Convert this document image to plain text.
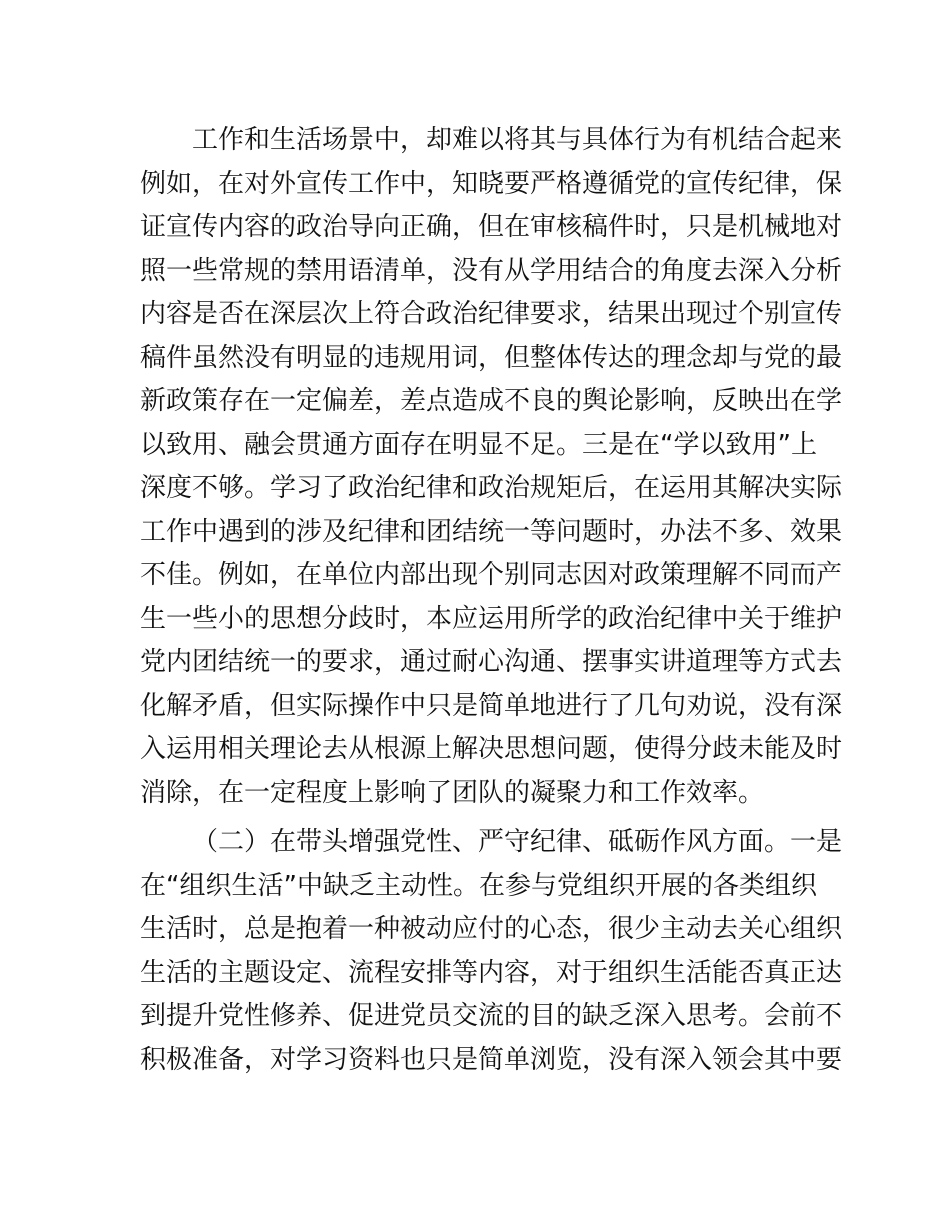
工作和生活场景中，却难以将其与具体行为有机结合起来
例如，在对外宣传工作中，知晓要严格遵循党的宣传纪律，保
证宣传内容的政治导向正确，但在审核稿件时，只是机械地对
照一些常规的禁用语清单，没有从学用结合的角度去深入分析
内容是否在深层次上符合政治纪律要求，结果出现过个别宣传
稿件虽然没有明显的违规用词，但整体传达的理念却与党的最
新政策存在一定偏差，差点造成不良的舆论影响，反映出在学
以致用、融会贯通方面存在明显不足。三是在“学以致用”上
深度不够。学习了政治纪律和政治规矩后，在运用其解决实际
工作中遇到的涉及纪律和团结统一等问题时，办法不多、效果
不佳。例如，在单位内部出现个别同志因对政策理解不同而产
生一些小的思想分歧时，本应运用所学的政治纪律中关于维护
党内团结统一的要求，通过耐心沟通、摆事实讲道理等方式去
化解矛盾，但实际操作中只是简单地进行了几句劝说，没有深
入运用相关理论去从根源上解决思想问题，使得分歧未能及时
消除，在一定程度上影响了团队的凝聚力和工作效率。
（二）在带头增强党性、严守纪律、砥砺作风方面。一是
在“组织生活”中缺乏主动性。在参与党组织开展的各类组织
生活时，总是抱着一种被动应付的心态，很少主动去关心组织
生活的主题设定、流程安排等内容，对于组织生活能否真正达
到提升党性修养、促进党员交流的目的缺乏深入思考。会前不
积极准备，对学习资料也只是简单浏览，没有深入领会其中要
